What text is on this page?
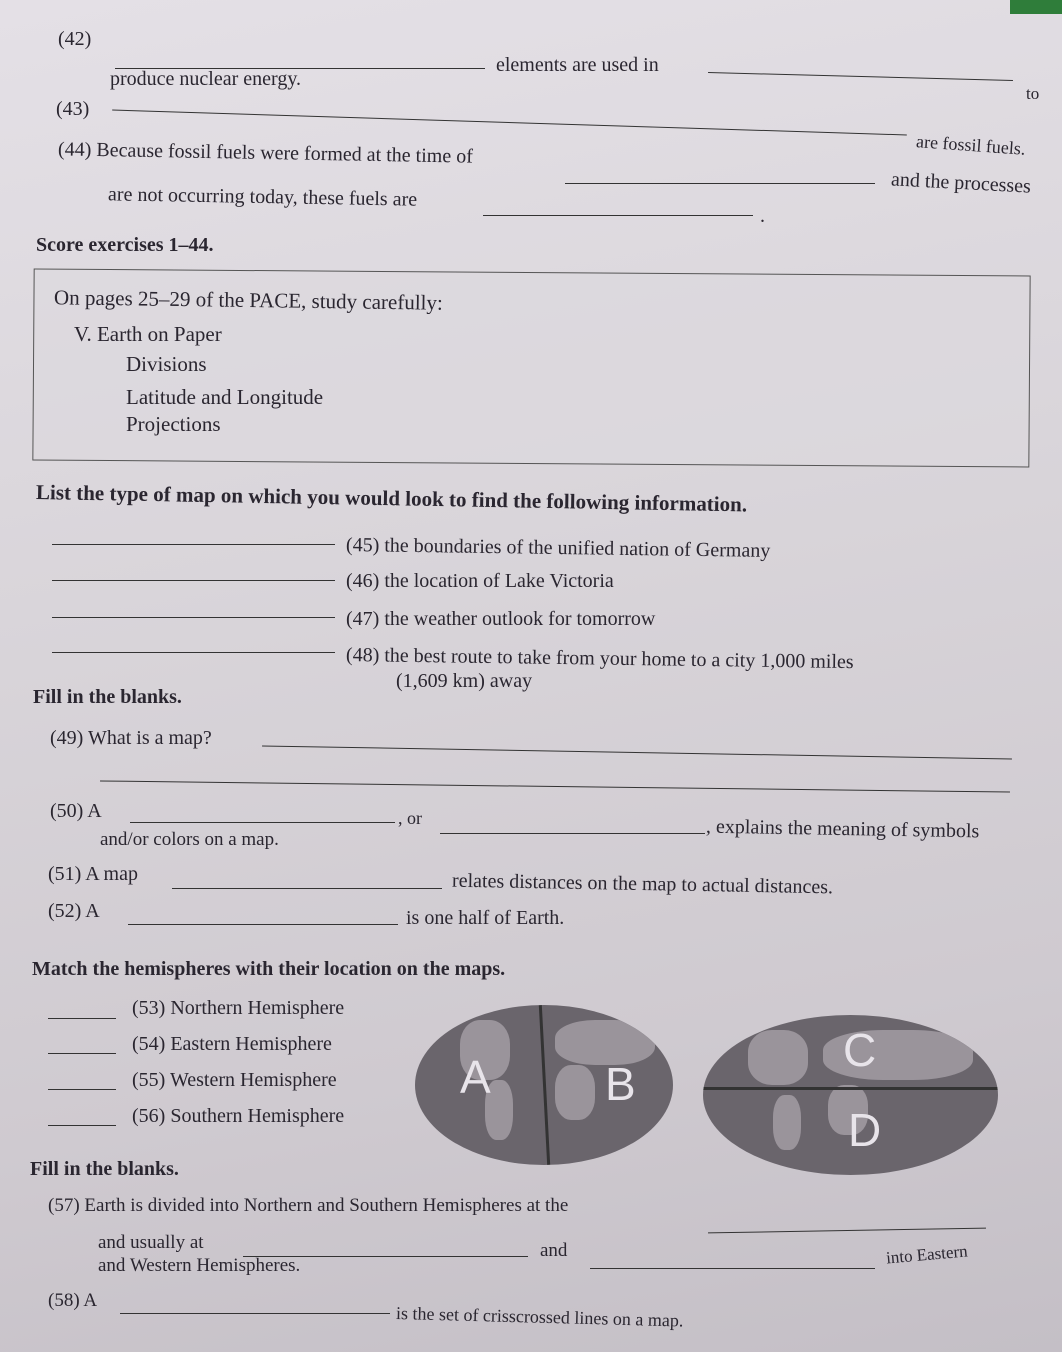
(42)
elements are used in
to
produce nuclear energy.
(43)
are fossil fuels.
(44) Because fossil fuels were formed at the time of
and the processes
are not occurring today, these fuels are
.
Score exercises 1–44.
On pages 25–29 of the PACE, study carefully:
V. Earth on Paper
Divisions
Latitude and Longitude
Projections
List the type of map on which you would look to find the following information.
(45) the boundaries of the unified nation of Germany
(46) the location of Lake Victoria
(47) the weather outlook for tomorrow
(48) the best route to take from your home to a city 1,000 miles
(1,609 km) away
Fill in the blanks.
(49) What is a map?
(50) A	, or
and/or colors on a map.	, explains the meaning of symbols
(51) A map	relates distances on the map to actual distances.
(52) A	is one half of Earth.
Match the hemispheres with their location on the maps.
(53) Northern Hemisphere
(54) Eastern Hemisphere
(55) Western Hemisphere
(56) Southern Hemisphere
A B
C
D
Fill in the blanks.
(57) Earth is divided into Northern and Southern Hemispheres at the
and usually at	and	into Eastern
and Western Hemispheres.
(58) A
is the set of crisscrossed lines on a map.
